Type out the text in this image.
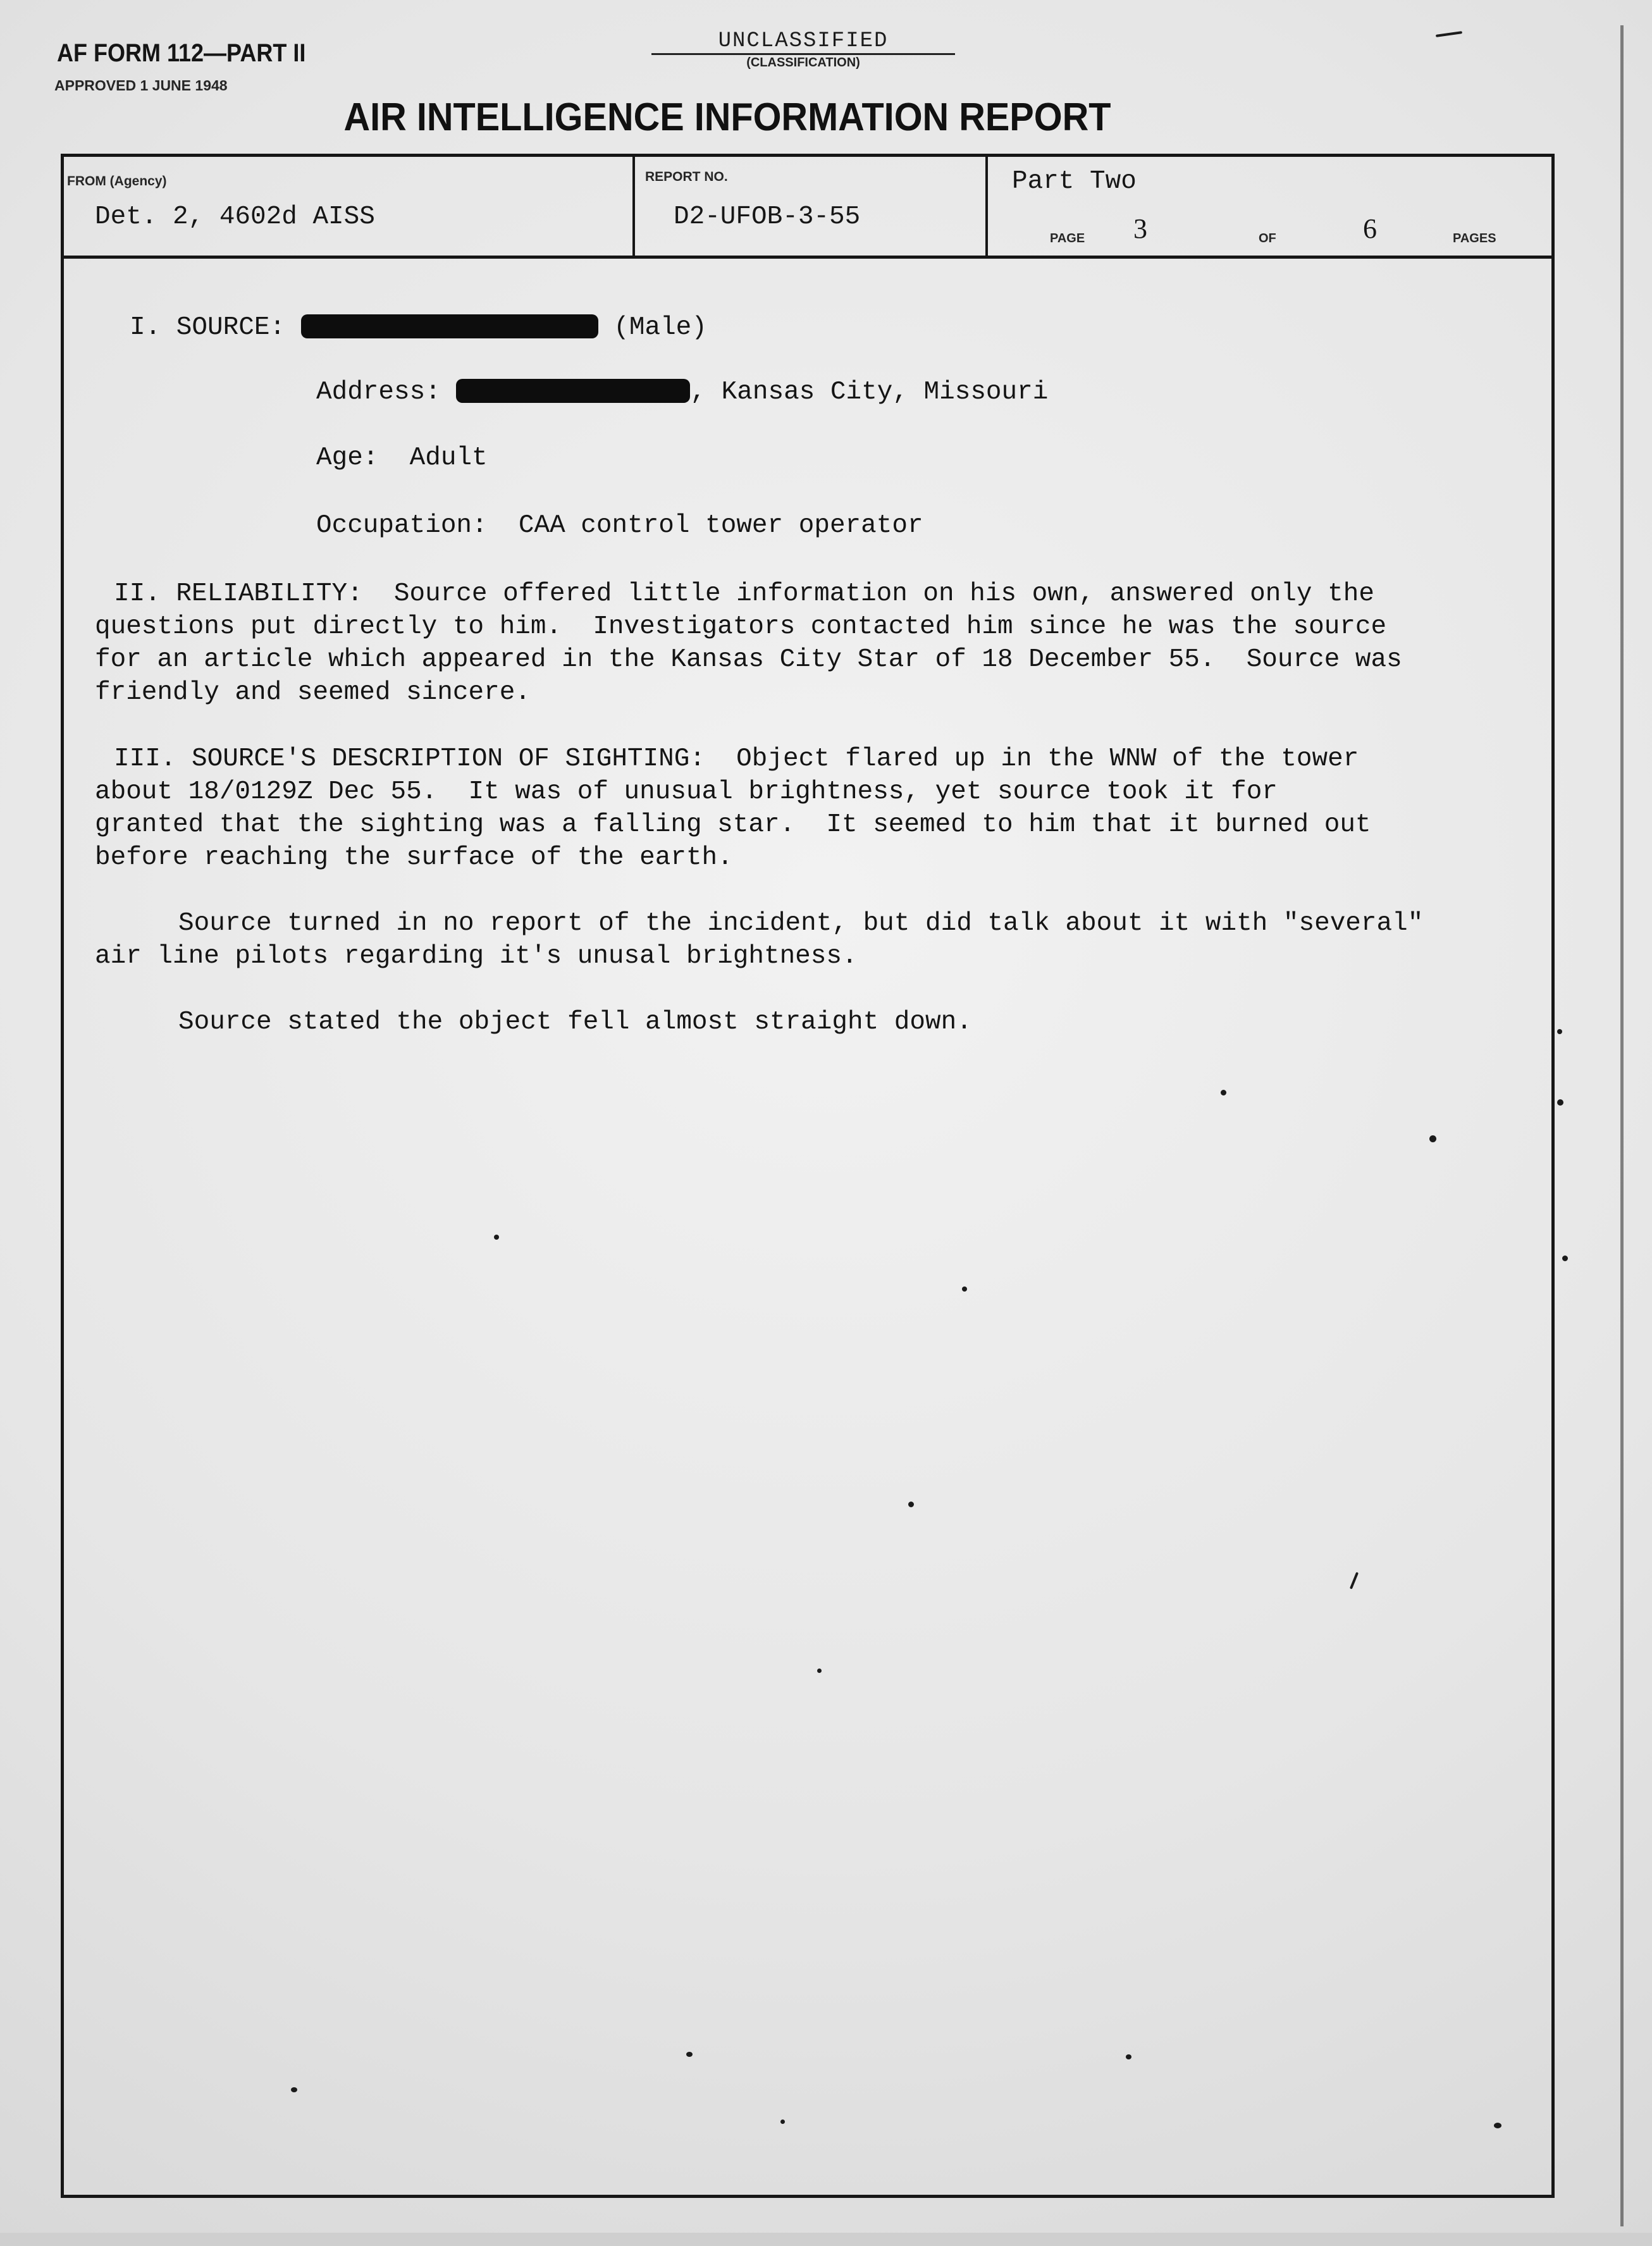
AF FORM 112—PART II
APPROVED 1 JUNE 1948
UNCLASSIFIED
(CLASSIFICATION)
AIR INTELLIGENCE INFORMATION REPORT
FROM (Agency)
Det. 2, 4602d AISS
REPORT NO.
D2-UFOB-3-55
Part Two
PAGE 3	OF	6	PAGES
I. SOURCE:	(Male)
Address:	, Kansas City, Missouri
Age: Adult
Occupation: CAA control tower operator
II. RELIABILITY:  Source offered little information on his own, answered only the
questions put directly to him.  Investigators contacted him since he was the source
for an article which appeared in the Kansas City Star of 18 December 55.  Source was
friendly and seemed sincere.
III. SOURCE'S DESCRIPTION OF SIGHTING:  Object flared up in the WNW of the tower
about 18/0129Z Dec 55.  It was of unusual brightness, yet source took it for
granted that the sighting was a falling star.  It seemed to him that it burned out
before reaching the surface of the earth.
Source turned in no report of the incident, but did talk about it with "several"
air line pilots regarding it's unusal brightness.
Source stated the object fell almost straight down.
